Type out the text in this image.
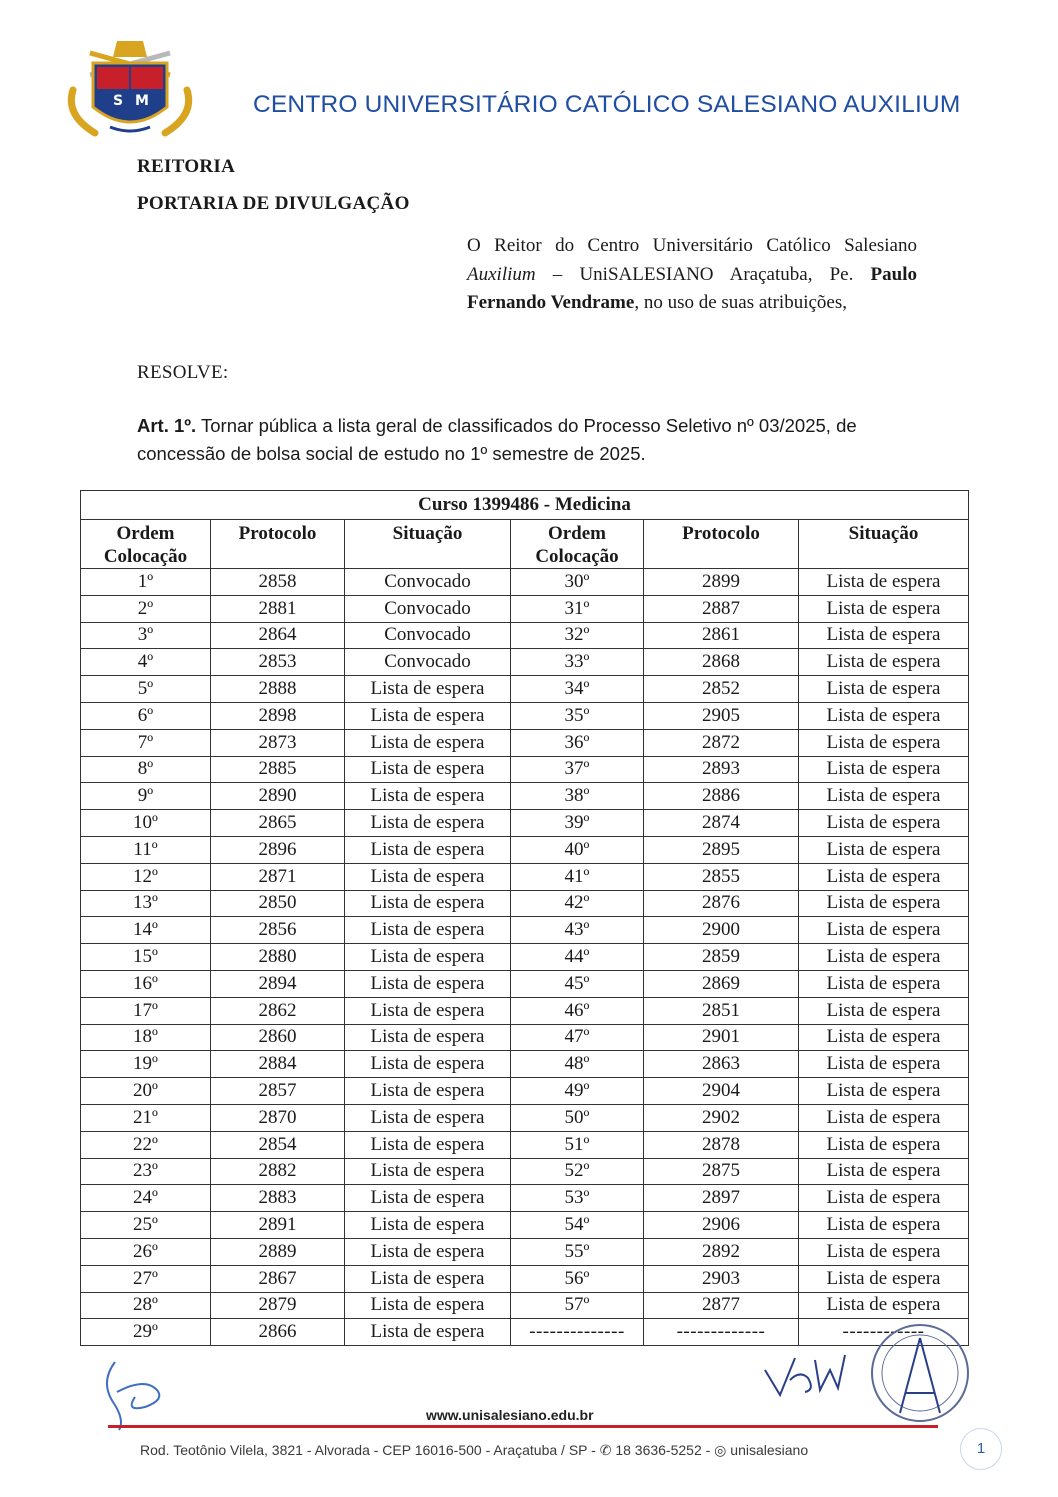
S M	CENTRO UNIVERSITÁRIO CATÓLICO SALESIANO AUXILIUM
REITORIA
PORTARIA DE DIVULGAÇÃO
O Reitor do Centro Universitário Católico Salesiano Auxilium – UniSALESIANO Araçatuba, Pe. Paulo Fernando Vendrame, no uso de suas atribuições,
RESOLVE:
Art. 1º. Tornar pública a lista geral de classificados do Processo Seletivo nº 03/2025, de concessão de bolsa social de estudo no 1º semestre de 2025.
Curso 1399486 - Medicina					
Ordem Colocação	Protocolo	Situação	Ordem Colocação	Protocolo	Situação
1º	2858	Convocado	30º	2899	Lista de espera
2º	2881	Convocado	31º	2887	Lista de espera
3º	2864	Convocado	32º	2861	Lista de espera
4º	2853	Convocado	33º	2868	Lista de espera
5º	2888	Lista de espera	34º	2852	Lista de espera
6º	2898	Lista de espera	35º	2905	Lista de espera
7º	2873	Lista de espera	36º	2872	Lista de espera
8º	2885	Lista de espera	37º	2893	Lista de espera
9º	2890	Lista de espera	38º	2886	Lista de espera
10º	2865	Lista de espera	39º	2874	Lista de espera
11º	2896	Lista de espera	40º	2895	Lista de espera
12º	2871	Lista de espera	41º	2855	Lista de espera
13º	2850	Lista de espera	42º	2876	Lista de espera
14º	2856	Lista de espera	43º	2900	Lista de espera
15º	2880	Lista de espera	44º	2859	Lista de espera
16º	2894	Lista de espera	45º	2869	Lista de espera
17º	2862	Lista de espera	46º	2851	Lista de espera
18º	2860	Lista de espera	47º	2901	Lista de espera
19º	2884	Lista de espera	48º	2863	Lista de espera
20º	2857	Lista de espera	49º	2904	Lista de espera
21º	2870	Lista de espera	50º	2902	Lista de espera
22º	2854	Lista de espera	51º	2878	Lista de espera
23º	2882	Lista de espera	52º	2875	Lista de espera
24º	2883	Lista de espera	53º	2897	Lista de espera
25º	2891	Lista de espera	54º	2906	Lista de espera
26º	2889	Lista de espera	55º	2892	Lista de espera
27º	2867	Lista de espera	56º	2903	Lista de espera
28º	2879	Lista de espera	57º	2877	Lista de espera
29º	2866	Lista de espera	--------------	-------------	------------
www.unisalesiano.edu.br
Rod. Teotônio Vilela, 3821 - Alvorada - CEP 16016-500 - Araçatuba / SP - ✆ 18 3636-5252 - ◎ unisalesiano	1
